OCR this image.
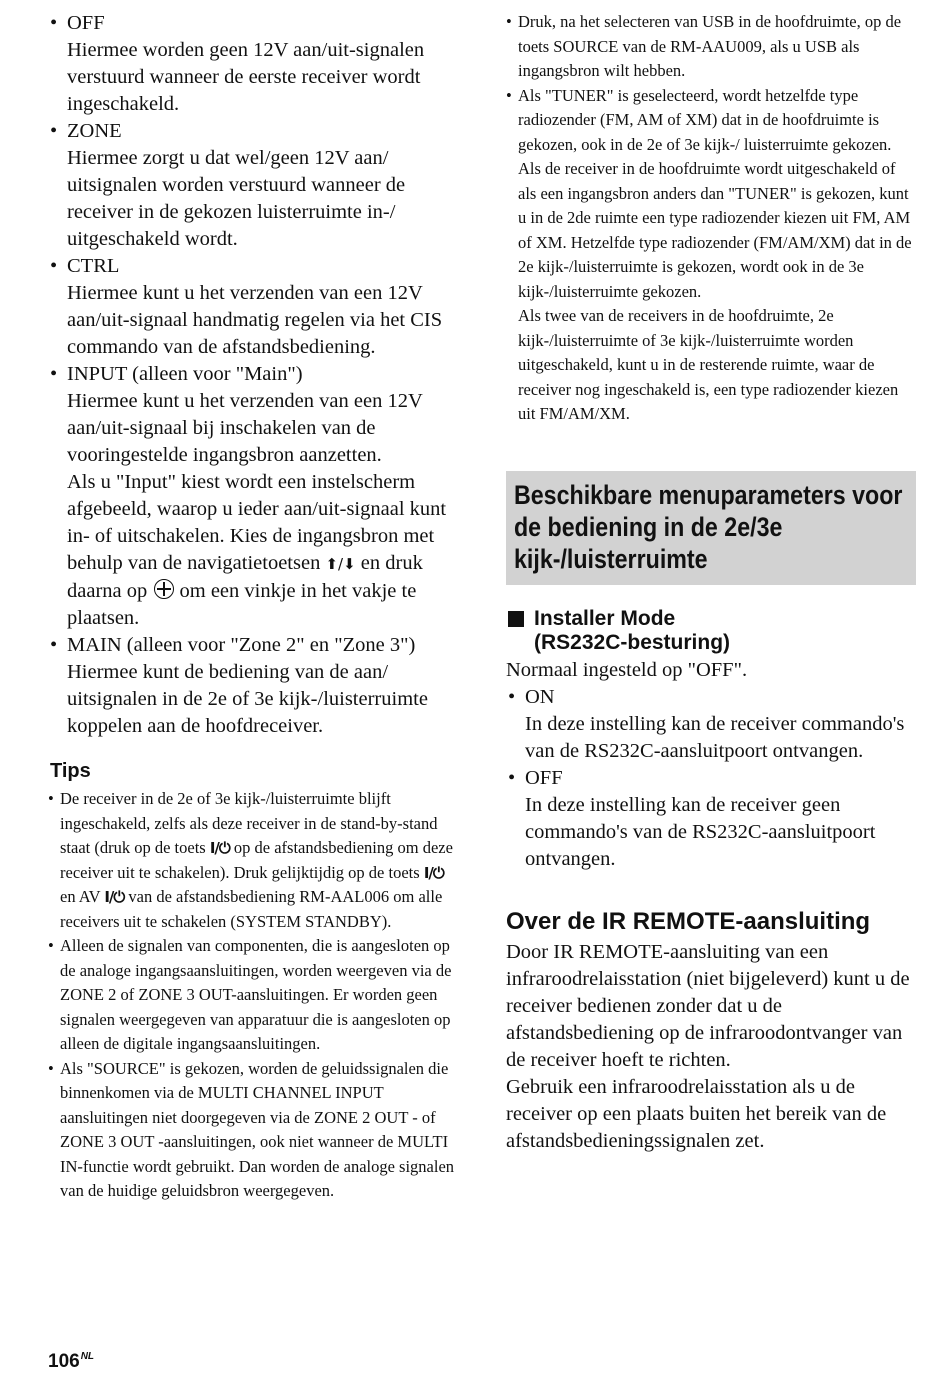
• OFF
Hiermee worden geen 12V aan/uit-signalen verstuurd wanneer de eerste receiver wordt ingeschakeld.
• ZONE
Hiermee zorgt u dat wel/geen 12V aan/ uitsignalen worden verstuurd wanneer de receiver in de gekozen luisterruimte in-/ uitgeschakeld wordt.
• CTRL
Hiermee kunt u het verzenden van een 12V aan/uit-signaal handmatig regelen via het CIS commando van de afstandsbediening.
• INPUT (alleen voor "Main")
Hiermee kunt u het verzenden van een 12V aan/uit-signaal bij inschakelen van de vooringestelde ingangsbron aanzetten.
Als u "Input" kiest wordt een instelscherm afgebeeld, waarop u ieder aan/uit-signaal kunt in- of uitschakelen. Kies de ingangsbron met behulp van de navigatietoetsen ⬆/⬇ en druk daarna op  om een vinkje in het vakje te plaatsen.
• MAIN (alleen voor "Zone 2" en "Zone 3")
Hiermee kunt de bediening van de aan/ uitsignalen in de 2e of 3e kijk-/luisterruimte koppelen aan de hoofdreceiver.
Tips
• De receiver in de 2e of 3e kijk-/luisterruimte blijft ingeschakeld, zelfs als deze receiver in de stand-by-stand staat (druk op de toets I/⏻ op de afstandsbediening om deze receiver uit te schakelen). Druk gelijktijdig op de toets I/⏻ en AV I/⏻ van de afstandsbediening RM-AAL006 om alle receivers uit te schakelen (SYSTEM STANDBY).
• Alleen de signalen van componenten, die is aangesloten op de analoge ingangsaansluitingen, worden weergeven via de ZONE 2 of ZONE 3 OUT-aansluitingen. Er worden geen signalen weergegeven van apparatuur die is aangesloten op alleen de digitale ingangsaansluitingen.
• Als "SOURCE" is gekozen, worden de geluidssignalen die binnenkomen via de MULTI CHANNEL INPUT aansluitingen niet doorgegeven via de ZONE 2 OUT - of ZONE 3 OUT -aansluitingen, ook niet wanneer de MULTI IN-functie wordt gebruikt. Dan worden de analoge signalen van de huidige geluidsbron weergegeven.
• Druk, na het selecteren van USB in de hoofdruimte, op de toets SOURCE van de RM-AAU009, als u USB als ingangsbron wilt hebben.
• Als "TUNER" is geselecteerd, wordt hetzelfde type radiozender (FM, AM of XM) dat in de hoofdruimte is gekozen, ook in de 2e of 3e kijk-/ luisterruimte gekozen. Als de receiver in de hoofdruimte wordt uitgeschakeld of als een ingangsbron anders dan "TUNER" is gekozen, kunt u in de 2de ruimte een type radiozender kiezen uit FM, AM of XM. Hetzelfde type radiozender (FM/AM/XM) dat in de 2e kijk-/luisterruimte is gekozen, wordt ook in de 3e kijk-/luisterruimte gekozen.
Als twee van de receivers in de hoofdruimte, 2e kijk-/luisterruimte of 3e kijk-/luisterruimte worden uitgeschakeld, kunt u in de resterende ruimte, waar de receiver nog ingeschakeld is, een type radiozender kiezen uit FM/AM/XM.
Beschikbare menuparameters voor de bediening in de 2e/3e kijk-/luisterruimte
Installer Mode
(RS232C-besturing)

Normaal ingesteld op "OFF".

• ON
In deze instelling kan de receiver commando's van de RS232C-aansluitpoort ontvangen.
• OFF
In deze instelling kan de receiver geen commando's van de RS232C-aansluitpoort ontvangen.
Over de IR REMOTE-aansluiting

Door IR REMOTE-aansluiting van een infraroodrelaisstation (niet bijgeleverd) kunt u de receiver bedienen zonder dat u de afstandsbediening op de infraroodontvanger van de receiver hoeft te richten.

Gebruik een infraroodrelaisstation als u de receiver op een plaats buiten het bereik van de afstandsbedieningssignalen zet.

$106^{NL}$
